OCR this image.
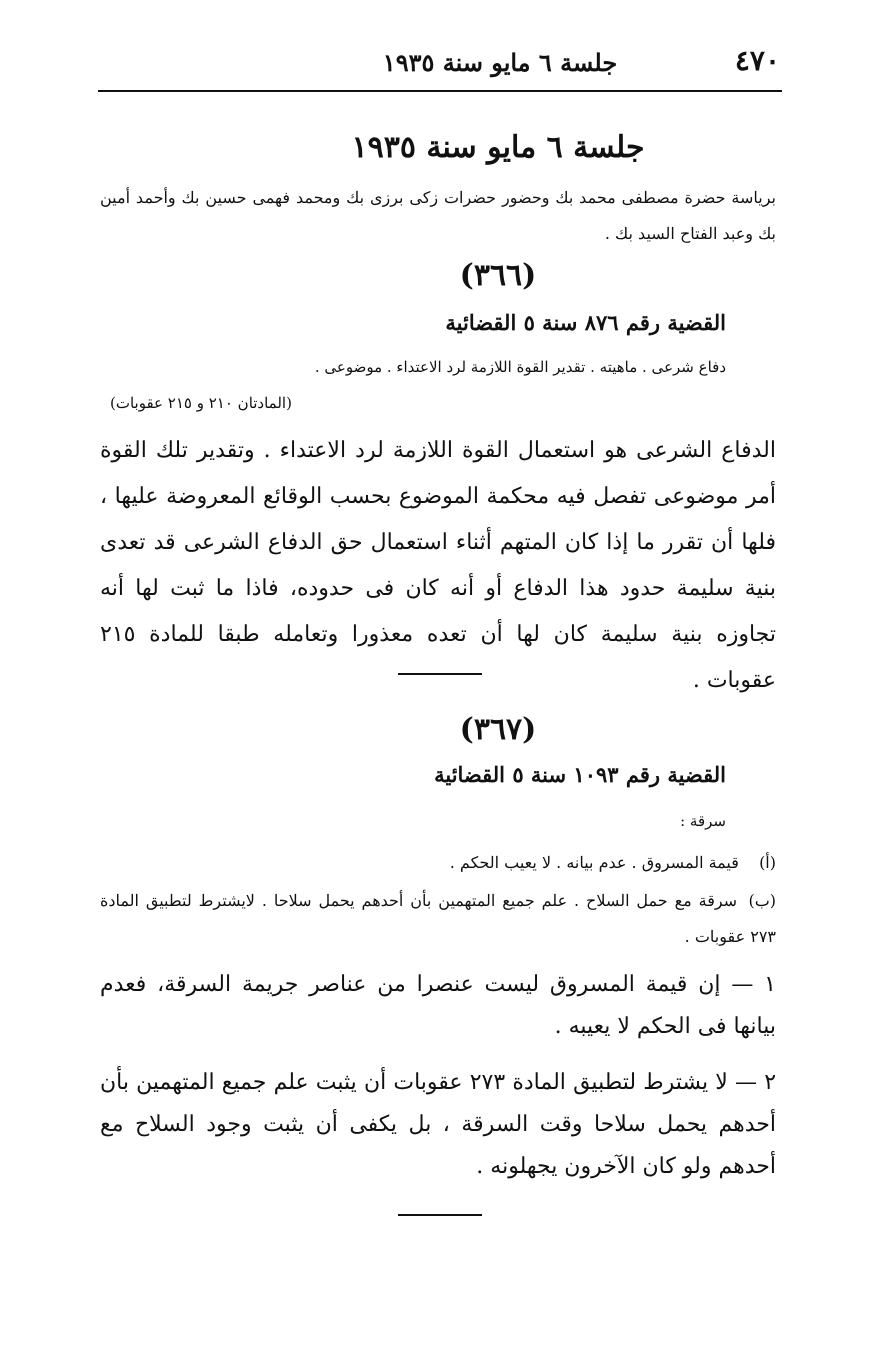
٤٧٠
جلسة ٦ مايو سنة ١٩٣٥
جلسة ٦ مايو سنة ١٩٣٥
برياسة حضرة مصطفى محمد بك وحضور حضرات زكى برزى بك ومحمد فهمى حسين بك وأحمد أمين بك وعبد الفتاح السيد بك .
(٣٦٦)
القضية رقم ٨٧٦ سنة ٥ القضائية
دفاع شرعى . ماهيته . تقدير القوة اللازمة لرد الاعتداء . موضوعى .
(المادتان ٢١٠ و ٢١٥ عقوبات)
الدفاع الشرعى هو استعمال القوة اللازمة لرد الاعتداء . وتقدير تلك القوة أمر موضوعى تفصل فيه محكمة الموضوع بحسب الوقائع المعروضة عليها ، فلها أن تقرر ما إذا كان المتهم أثناء استعمال حق الدفاع الشرعى قد تعدى بنية سليمة حدود هذا الدفاع أو أنه كان فى حدوده، فاذا ما ثبت لها أنه تجاوزه بنية سليمة كان لها أن تعده معذورا وتعامله طبقا للمادة ٢١٥ عقوبات .
(٣٦٧)
القضية رقم ١٠٩٣ سنة ٥ القضائية
سرقة :
(أ) قيمة المسروق . عدم بيانه . لا يعيب الحكم .
(ب) سرقة مع حمل السلاح . علم جميع المتهمين بأن أحدهم يحمل سلاحا . لايشترط لتطبيق المادة ٢٧٣ عقوبات .
١ — إن قيمة المسروق ليست عنصرا من عناصر جريمة السرقة، فعدم بيانها فى الحكم لا يعيبه .
٢ — لا يشترط لتطبيق المادة ٢٧٣ عقوبات أن يثبت علم جميع المتهمين بأن أحدهم يحمل سلاحا وقت السرقة ، بل يكفى أن يثبت وجود السلاح مع أحدهم ولو كان الآخرون يجهلونه .
